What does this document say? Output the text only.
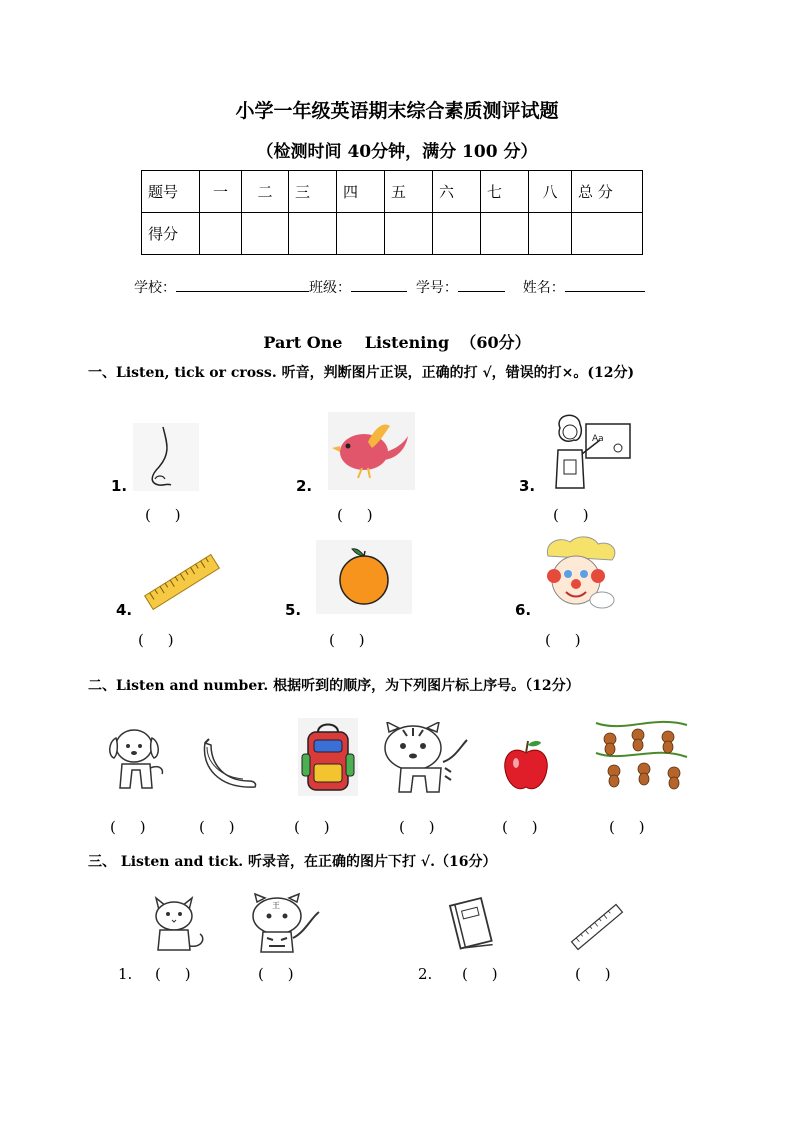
小学一年级英语期末综合素质测评试题
（检测时间 40分钟，满分 100 分）
题号	一	二	三	四	五	六	七	八	总 分
得分									
学校：	班级：	学号：	姓名：
Part One    Listening  （60分）
一、Listen, tick or cross. 听音，判断图片正误，正确的打 √，错误的打×。(12分)
1.
(     )
2.
(     )
3.
Aa
(     )
4.
(     )
5.
(     )
6.
(     )
二、Listen and number. 根据听到的顺序，为下列图片标上序号。（12分）
(     )	(     )	(     )	(     )	(     )	(     )
三、 Listen and tick. 听录音，在正确的图片下打 √.（16分）
1. (     )
王
(     )	2. (     )	(     )
